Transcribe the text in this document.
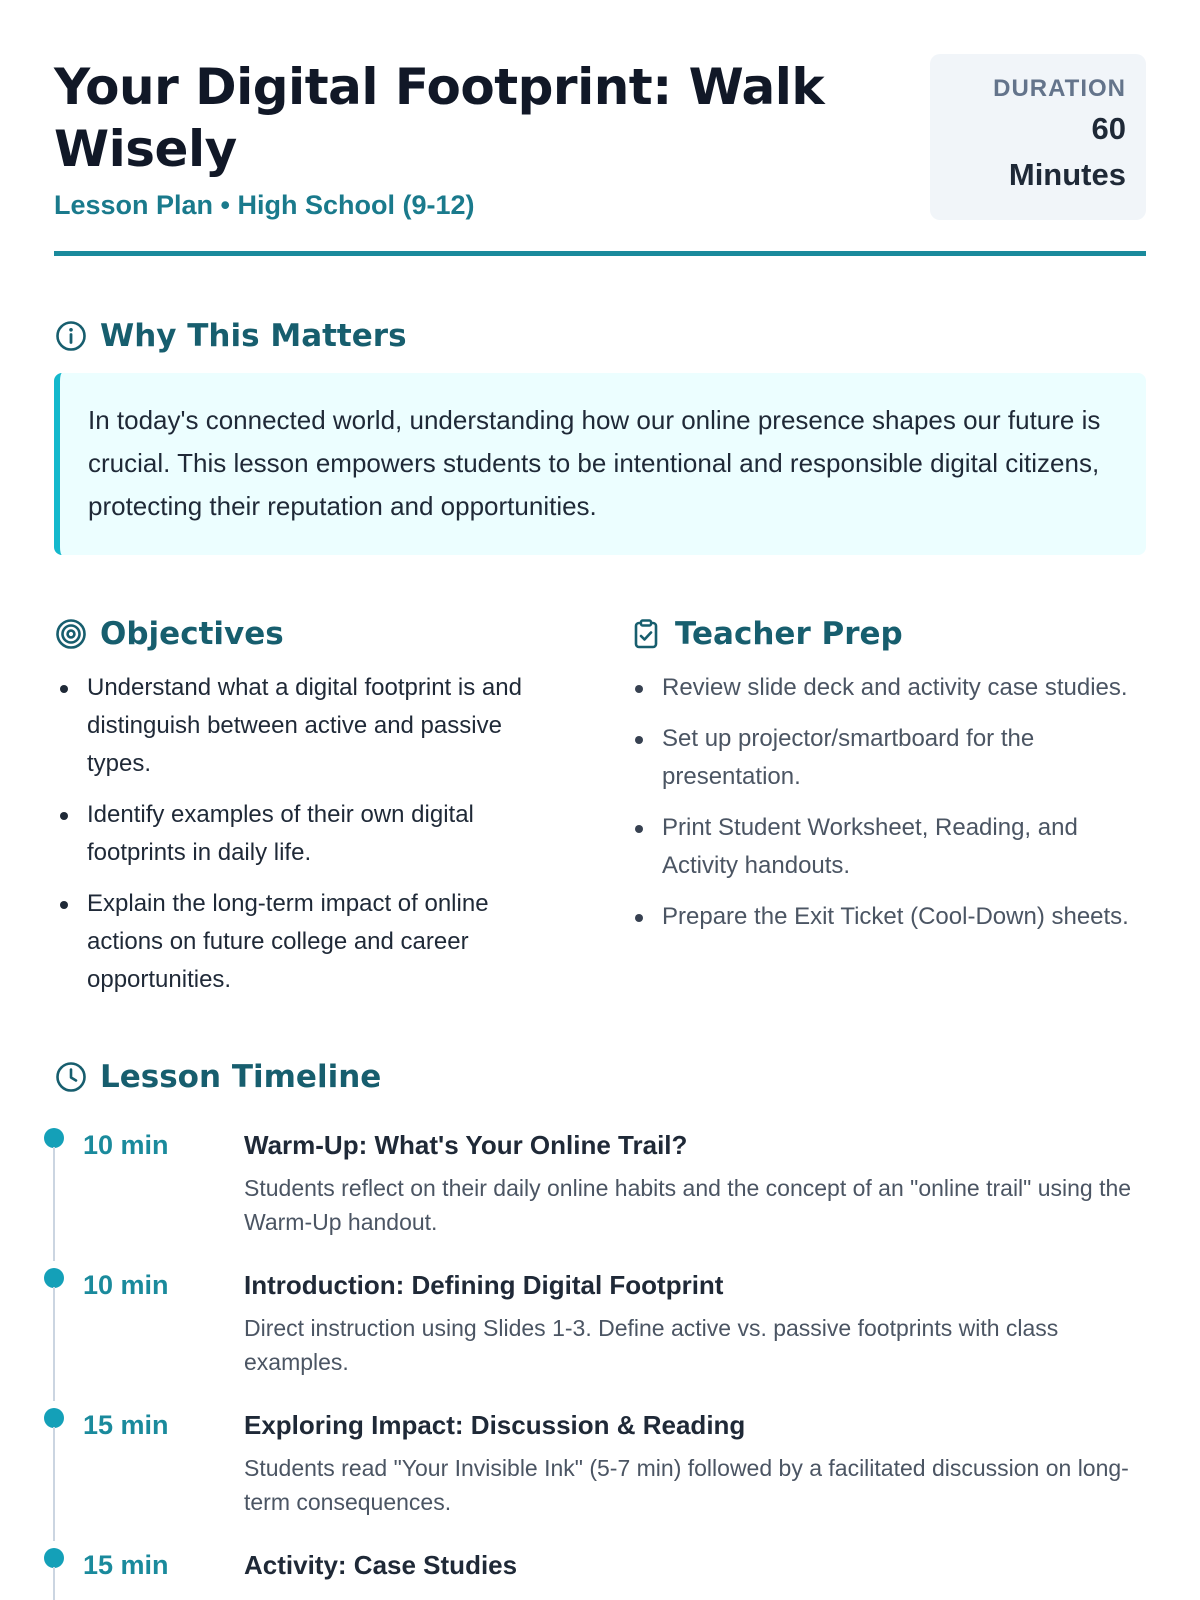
Your Digital Footprint: Walk Wisely
Lesson Plan • High School (9-12)
DURATION
60
Minutes
Why This Matters

In today's connected world, understanding how our online presence shapes our future is crucial. This lesson empowers students to be intentional and responsible digital citizens, protecting their reputation and opportunities.

Objectives
Understand what a digital footprint is and distinguish between active and passive types.
Identify examples of their own digital footprints in daily life.
Explain the long-term impact of online actions on future college and career opportunities.
Teacher Prep
Review slide deck and activity case studies.
Set up projector/smartboard for the presentation.
Print Student Worksheet, Reading, and Activity handouts.
Prepare the Exit Ticket (Cool-Down) sheets.
Lesson Timeline
10 min	Warm-Up: What's Your Online Trail?
Students reflect on their daily online habits and the concept of an "online trail" using the Warm-Up handout.
10 min	Introduction: Defining Digital Footprint
Direct instruction using Slides 1-3. Define active vs. passive footprints with class examples.
15 min	Exploring Impact: Discussion & Reading
Students read "Your Invisible Ink" (5-7 min) followed by a facilitated discussion on long-term consequences.
15 min	Activity: Case Studies
